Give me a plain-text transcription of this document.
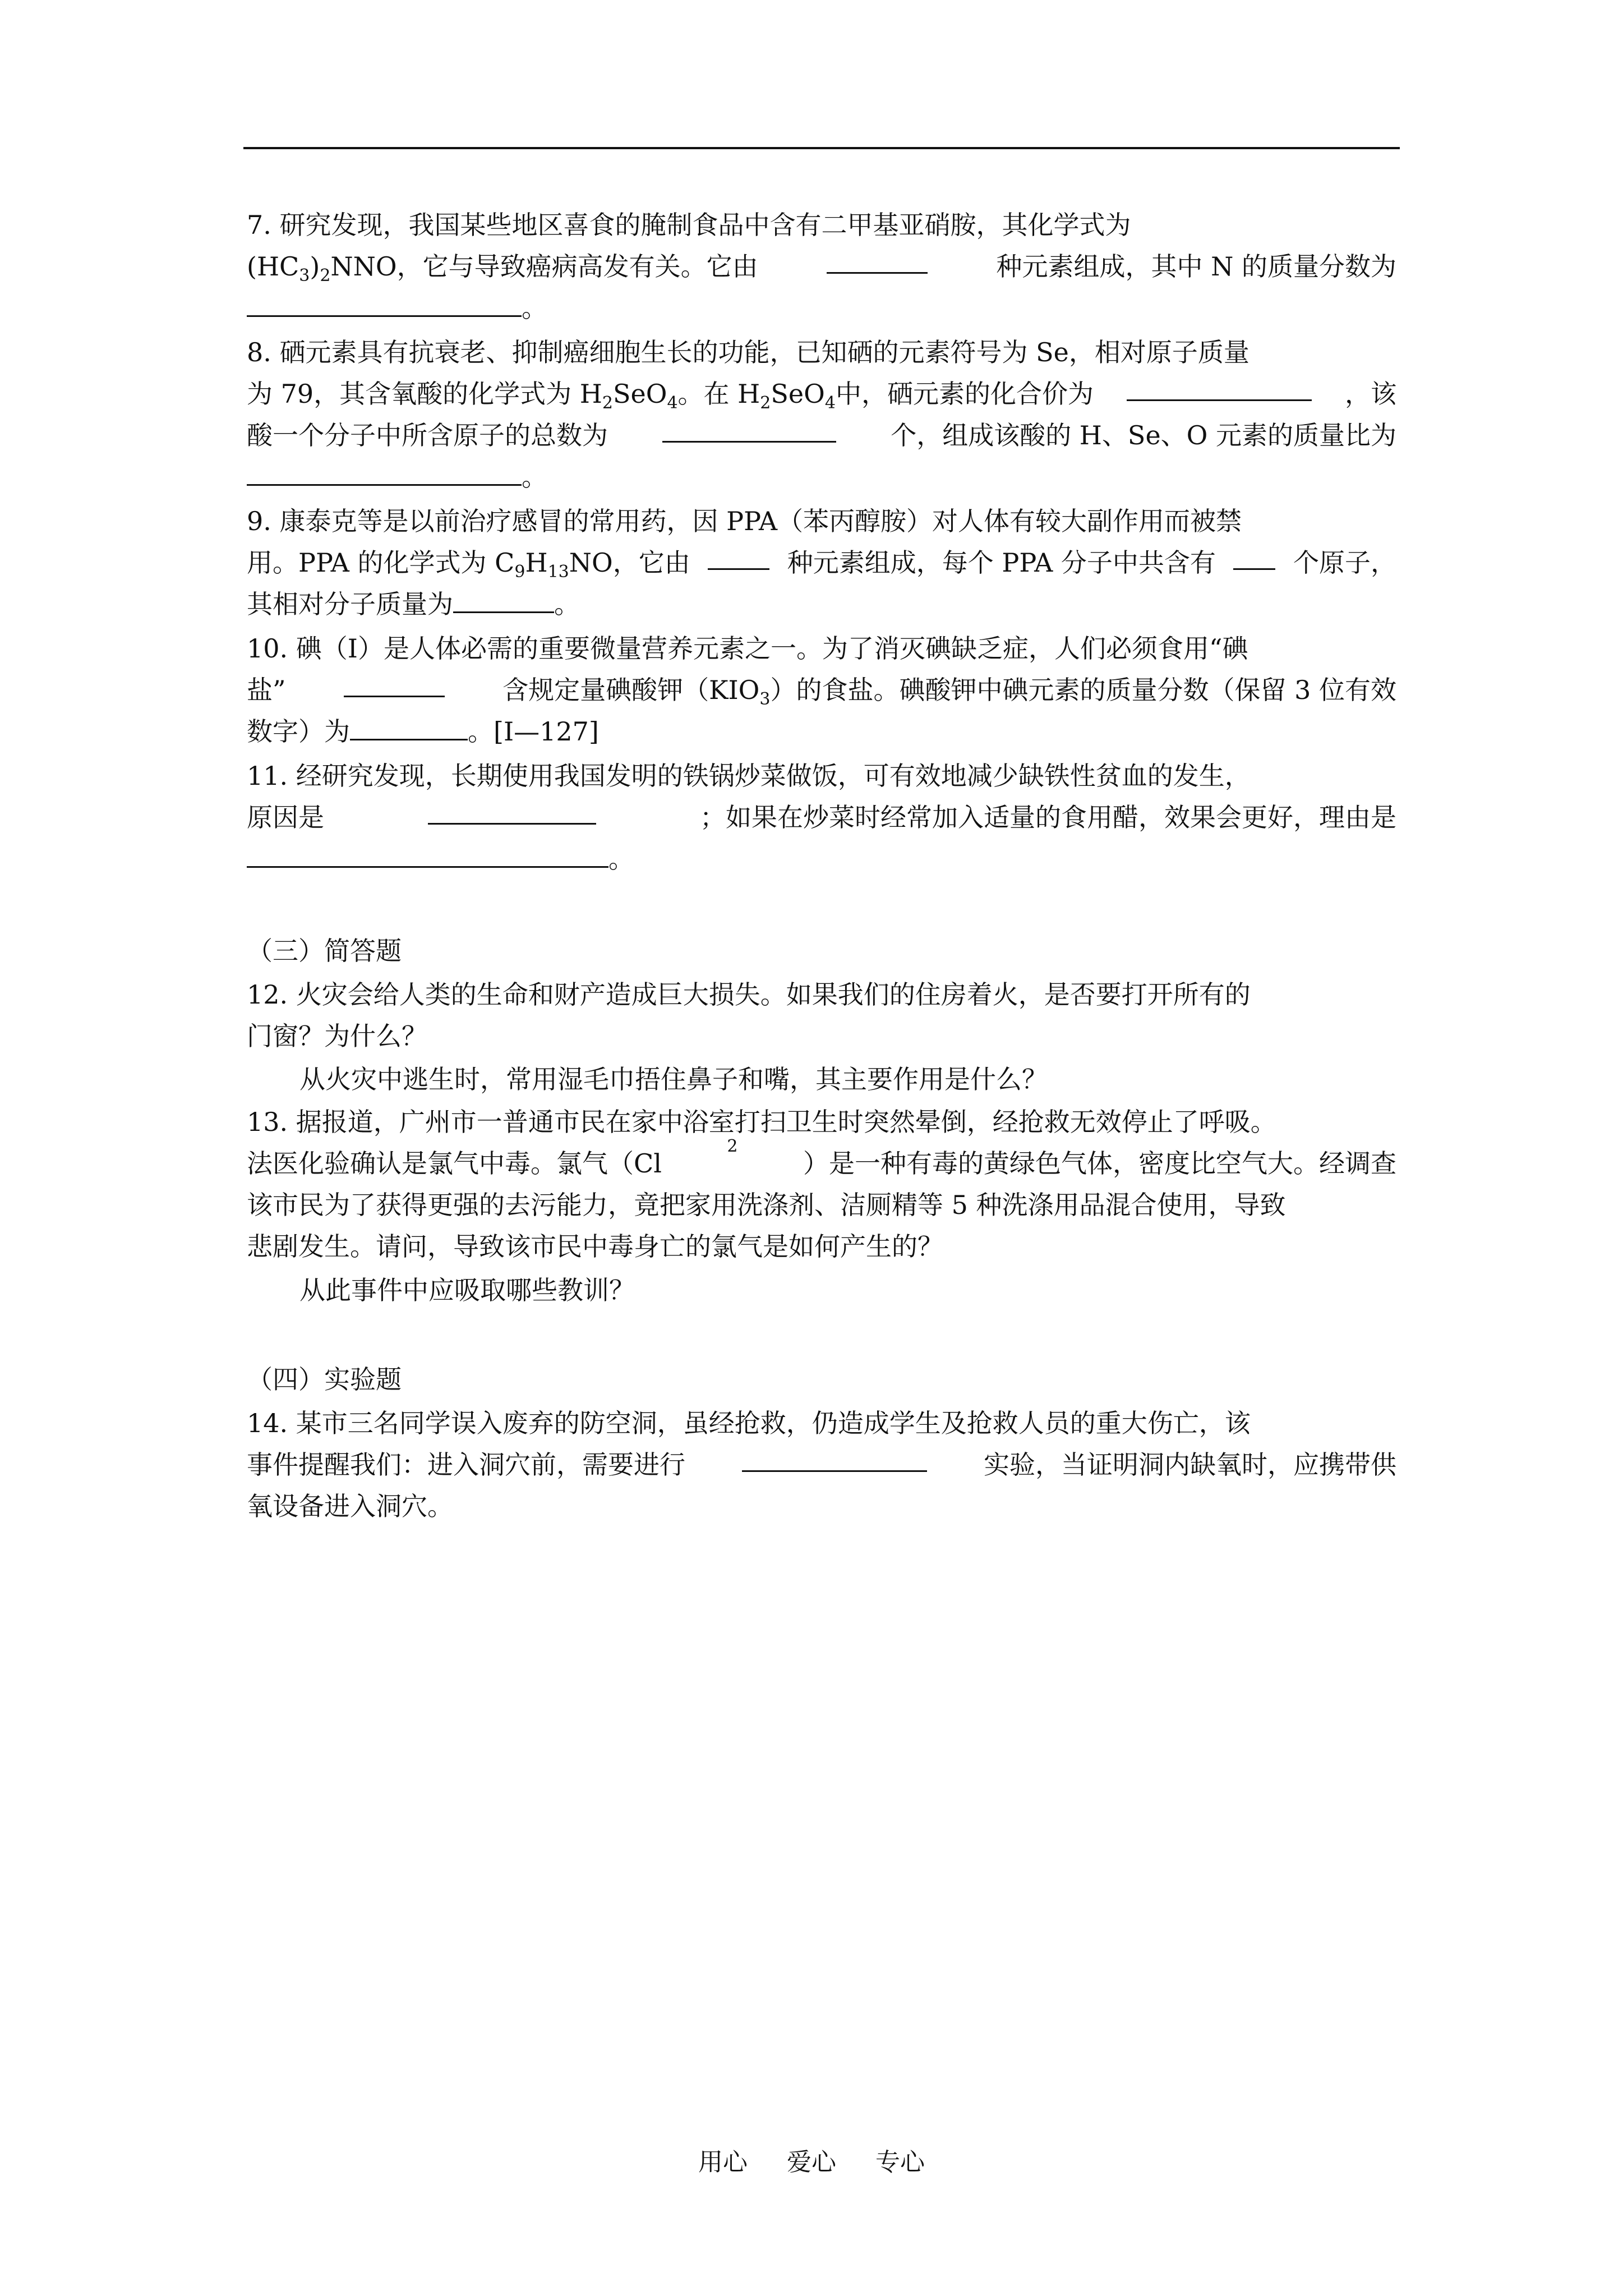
7. 研究发现，我国某些地区喜食的腌制食品中含有二甲基亚硝胺，其化学式为
$(HC_3)_2NNO$，它与导致癌病高发有关。它由	种元素组成，其中 N 的质量分数为
。
8. 硒元素具有抗衰老、抑制癌细胞生长的功能，已知硒的元素符号为 Se，相对原子质量
为 79，其含氧酸的化学式为 $H_2SeO_4$。在 $H_2SeO_4$中，硒元素的化合价为	，该
酸一个分子中所含原子的总数为	个，组成该酸的 H、Se、O 元素的质量比为
。
9. 康泰克等是以前治疗感冒的常用药，因 PPA（苯丙醇胺）对人体有较大副作用而被禁
用。PPA 的化学式为 $C_9H_{13}NO$，它由	种元素组成，每个 PPA 分子中共含有	个原子，
其相对分子质量为	。
10. 碘（I）是人体必需的重要微量营养元素之一。为了消灭碘缺乏症，人们必须食用“碘
盐”	含规定量碘酸钾$(KIO_3)$的食盐。碘酸钾中碘元素的质量分数（保留 3 位有效
数字）为	。[I—127]
11. 经研究发现，长期使用我国发明的铁锅炒菜做饭，可有效地减少缺铁性贫血的发生，
原因是	；如果在炒菜时经常加入适量的食用醋，效果会更好，理由是
。
（三）简答题
12. 火灾会给人类的生命和财产造成巨大损失。如果我们的住房着火，是否要打开所有的
门窗？为什么？
从火灾中逃生时，常用湿毛巾捂住鼻子和嘴，其主要作用是什么？
13. 据报道，广州市一普通市民在家中浴室打扫卫生时突然晕倒，经抢救无效停止了呼吸。
法医化验确认是氯气中毒。氯气（Cl
2
）是一种有毒的黄绿色气体，密度比空气大。经调查
该市民为了获得更强的去污能力，竟把家用洗涤剂、洁厕精等 5 种洗涤用品混合使用，导致
悲剧发生。请问，导致该市民中毒身亡的氯气是如何产生的？
从此事件中应吸取哪些教训？
（四）实验题
14. 某市三名同学误入废弃的防空洞，虽经抢救，仍造成学生及抢救人员的重大伤亡，该
事件提醒我们：进入洞穴前，需要进行	实验，当证明洞内缺氧时，应携带供
氧设备进入洞穴。
用心 爱心 专心
